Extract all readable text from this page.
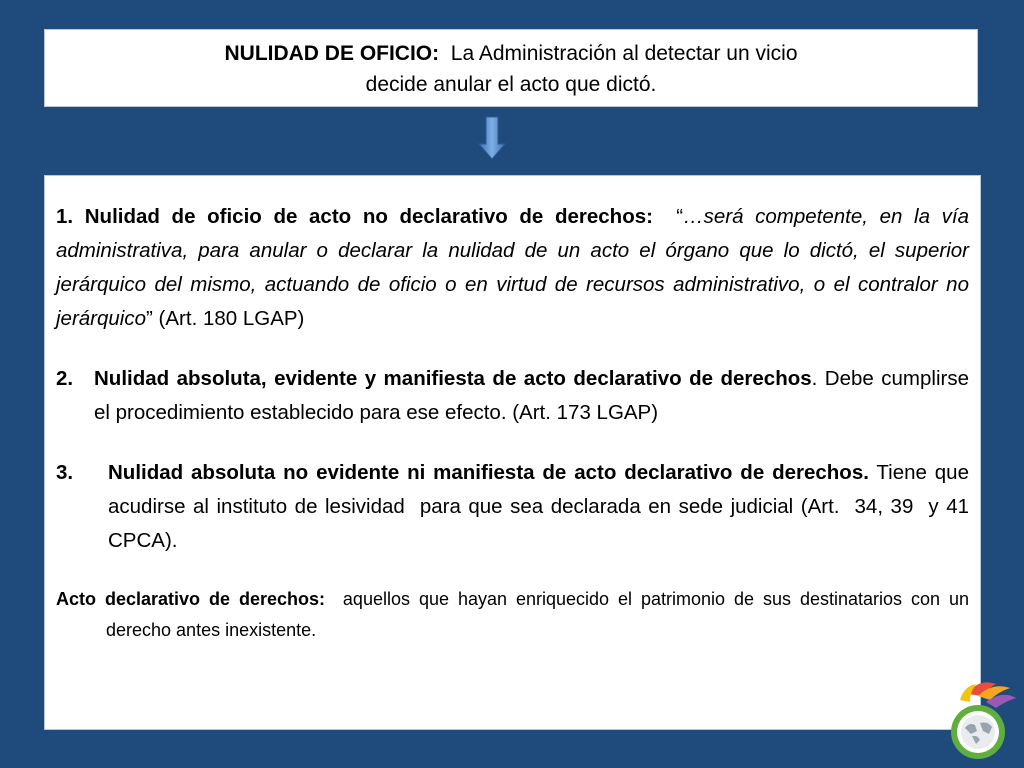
NULIDAD DE OFICIO:  La Administración al detectar un vicio
decide anular el acto que dictó.
1. Nulidad de oficio de acto no declarativo de derechos:  “…será competente, en la vía administrativa, para anular o declarar la nulidad de un acto el órgano que lo dictó, el superior jerárquico del mismo, actuando de oficio o en virtud de recursos administrativo, o el contralor no jerárquico” (Art. 180 LGAP)
2.	Nulidad absoluta, evidente y manifiesta de acto declarativo de derechos. Debe cumplirse el procedimiento establecido para ese efecto. (Art. 173 LGAP)
3.	Nulidad absoluta no evidente ni manifiesta de acto declarativo de derechos. Tiene que acudirse al instituto de lesividad  para que sea declarada en sede judicial (Art.  34, 39  y 41 CPCA).
Acto declarativo de derechos:  aquellos que hayan enriquecido el patrimonio de sus destinatarios con un derecho antes inexistente.
